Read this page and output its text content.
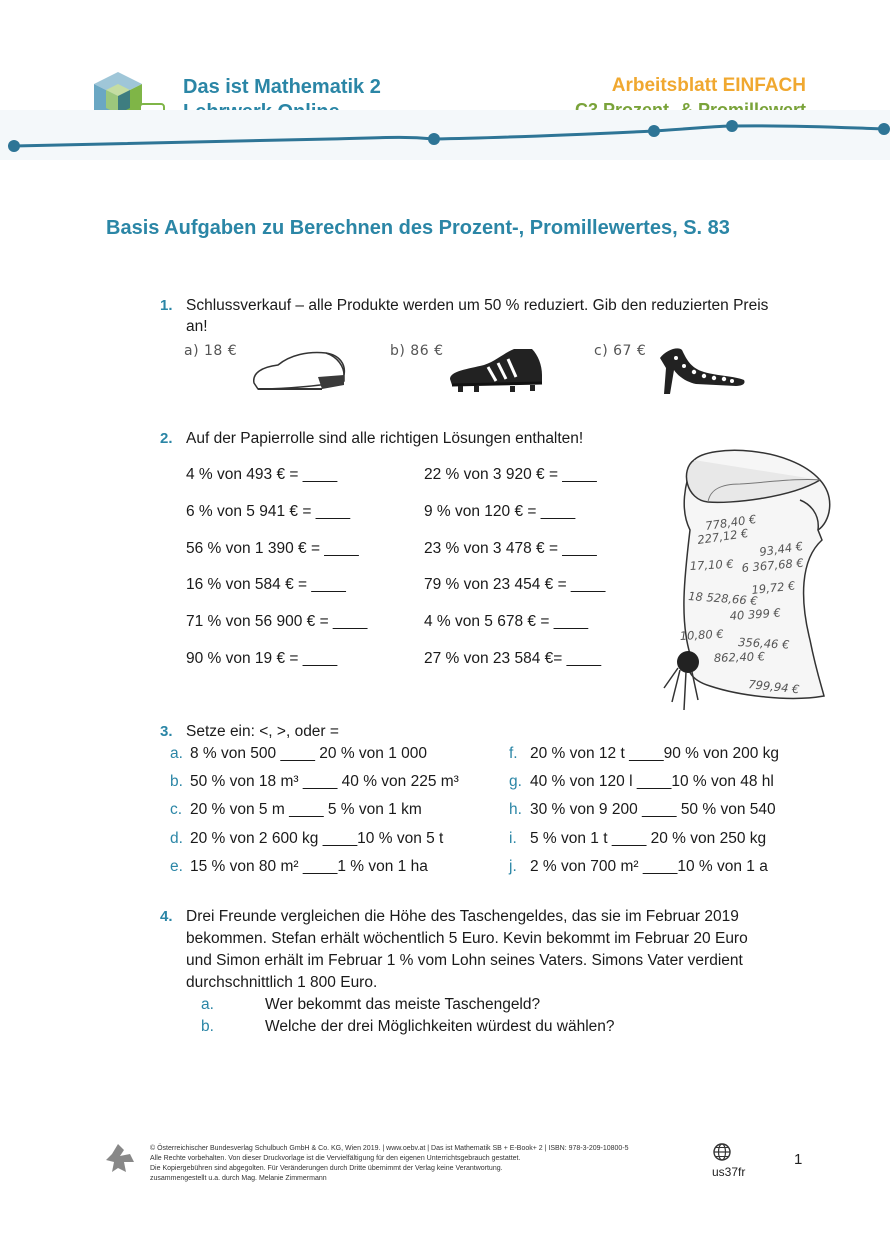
Das ist Mathematik 2	Arbeitsblatt EINFACH
Basis Aufgaben zu Berechnen des Prozent-, Promillewertes, S. 83
1. Schlussverkauf – alle Produkte werden um 50 % reduziert. Gib den reduzierten Preis an!
a) 18 €	b) 86 €	c) 67 €
2. Auf der Papierrolle sind alle richtigen Lösungen enthalten!
4 % von 493 € = ____
6 % von 5 941 € = ____
56 % von 1 390 € = ____
16 % von 584 € = ____
71 % von 56 900 € = ____
90 % von 19 € = ____
22 % von 3 920 € = ____
9 % von 120 € = ____
23 % von 3 478 € = ____
79 % von 23 454 € = ____
4 % von 5 678 € = ____
27 % von 23 584 €= ____
778,40 €
227,12 €
93,44 €
17,10 € 6 367,68 €
19,72 €
18 528,66 €
40 399 €
10,80 €
356,46 €
862,40 €
799,94 €
3. Setze ein: <, >, oder =
a. 8 % von 500 ____ 20 % von 1 000
b. 50 % von 18 m³ ____ 40 % von 225 m³
c. 20 % von 5 m ____ 5 % von 1 km
d. 20 % von 2 600 kg ____10 % von 5 t
e. 15 % von 80 m² ____1 % von 1 ha
f. 20 % von 12 t ____90 % von 200 kg
g. 40 % von 120 l ____10 % von 48 hl
h. 30 % von 9 200 ____ 50 % von 540
i. 5 % von 1 t ____ 20 % von 250 kg
j. 2 % von 700 m² ____10 % von 1 a
4. Drei Freunde vergleichen die Höhe des Taschengeldes, das sie im Februar 2019
bekommen. Stefan erhält wöchentlich 5 Euro. Kevin bekommt im Februar 20 Euro
und Simon erhält im Februar 1 % vom Lohn seines Vaters. Simons Vater verdient
durchschnittlich 1 800 Euro.
a.	Wer bekommt das meiste Taschengeld?
b.	Welche der drei Möglichkeiten würdest du wählen?
© Österreichischer Bundesverlag Schulbuch GmbH & Co. KG, Wien 2019. | www.oebv.at | Das ist Mathematik SB + E-Book+ 2 | ISBN: 978-3-209-10800-5
Alle Rechte vorbehalten. Von dieser Druckvorlage ist die Vervielfältigung für den eigenen Unterrichtsgebrauch gestattet.
Die Kopiergebühren sind abgegolten. Für Veränderungen durch Dritte übernimmt der Verlag keine Verantwortung.
zusammengestellt u.a. durch Mag. Melanie Zimmermann	us37fr
1
